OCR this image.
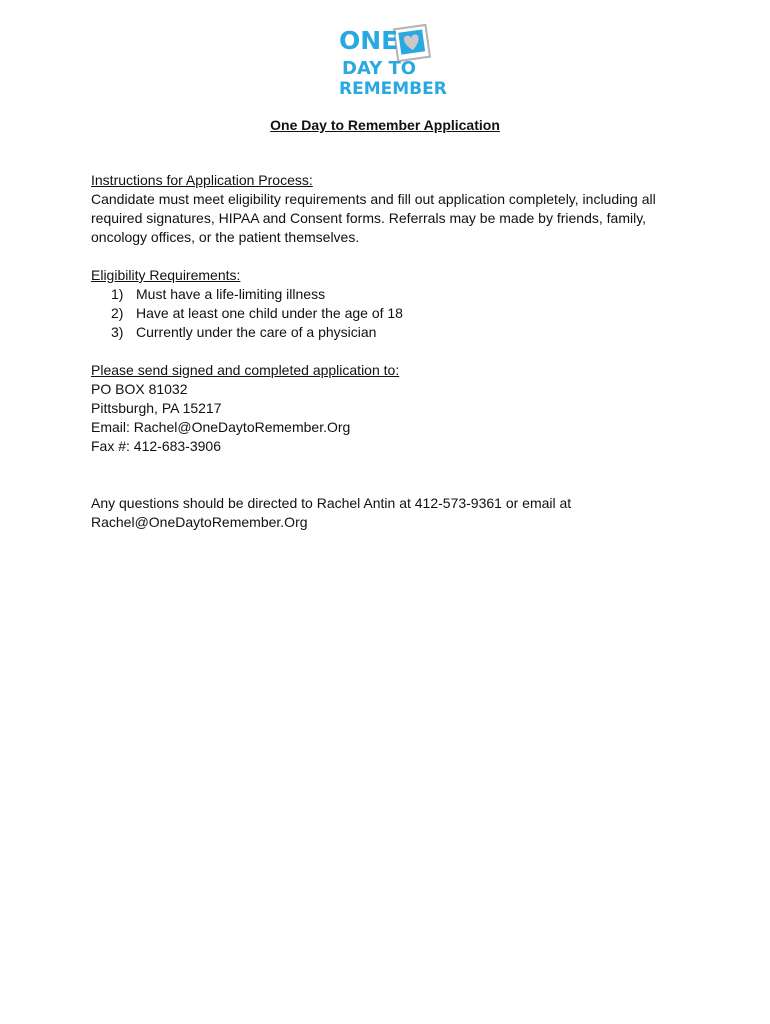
ONE
DAY TO
REMEMBER
One Day to Remember Application
Instructions for Application Process:
Candidate must meet eligibility requirements and fill out application completely, including all required signatures, HIPAA and Consent forms. Referrals may be made by friends, family, oncology offices, or the patient themselves.
Eligibility Requirements:
1) Must have a life-limiting illness
2) Have at least one child under the age of 18
3) Currently under the care of a physician
Please send signed and completed application to:
PO BOX 81032
Pittsburgh, PA 15217
Email: Rachel@OneDaytoRemember.Org
Fax #: 412-683-3906
Any questions should be directed to Rachel Antin at 412-573-9361 or email at Rachel@OneDaytoRemember.Org
